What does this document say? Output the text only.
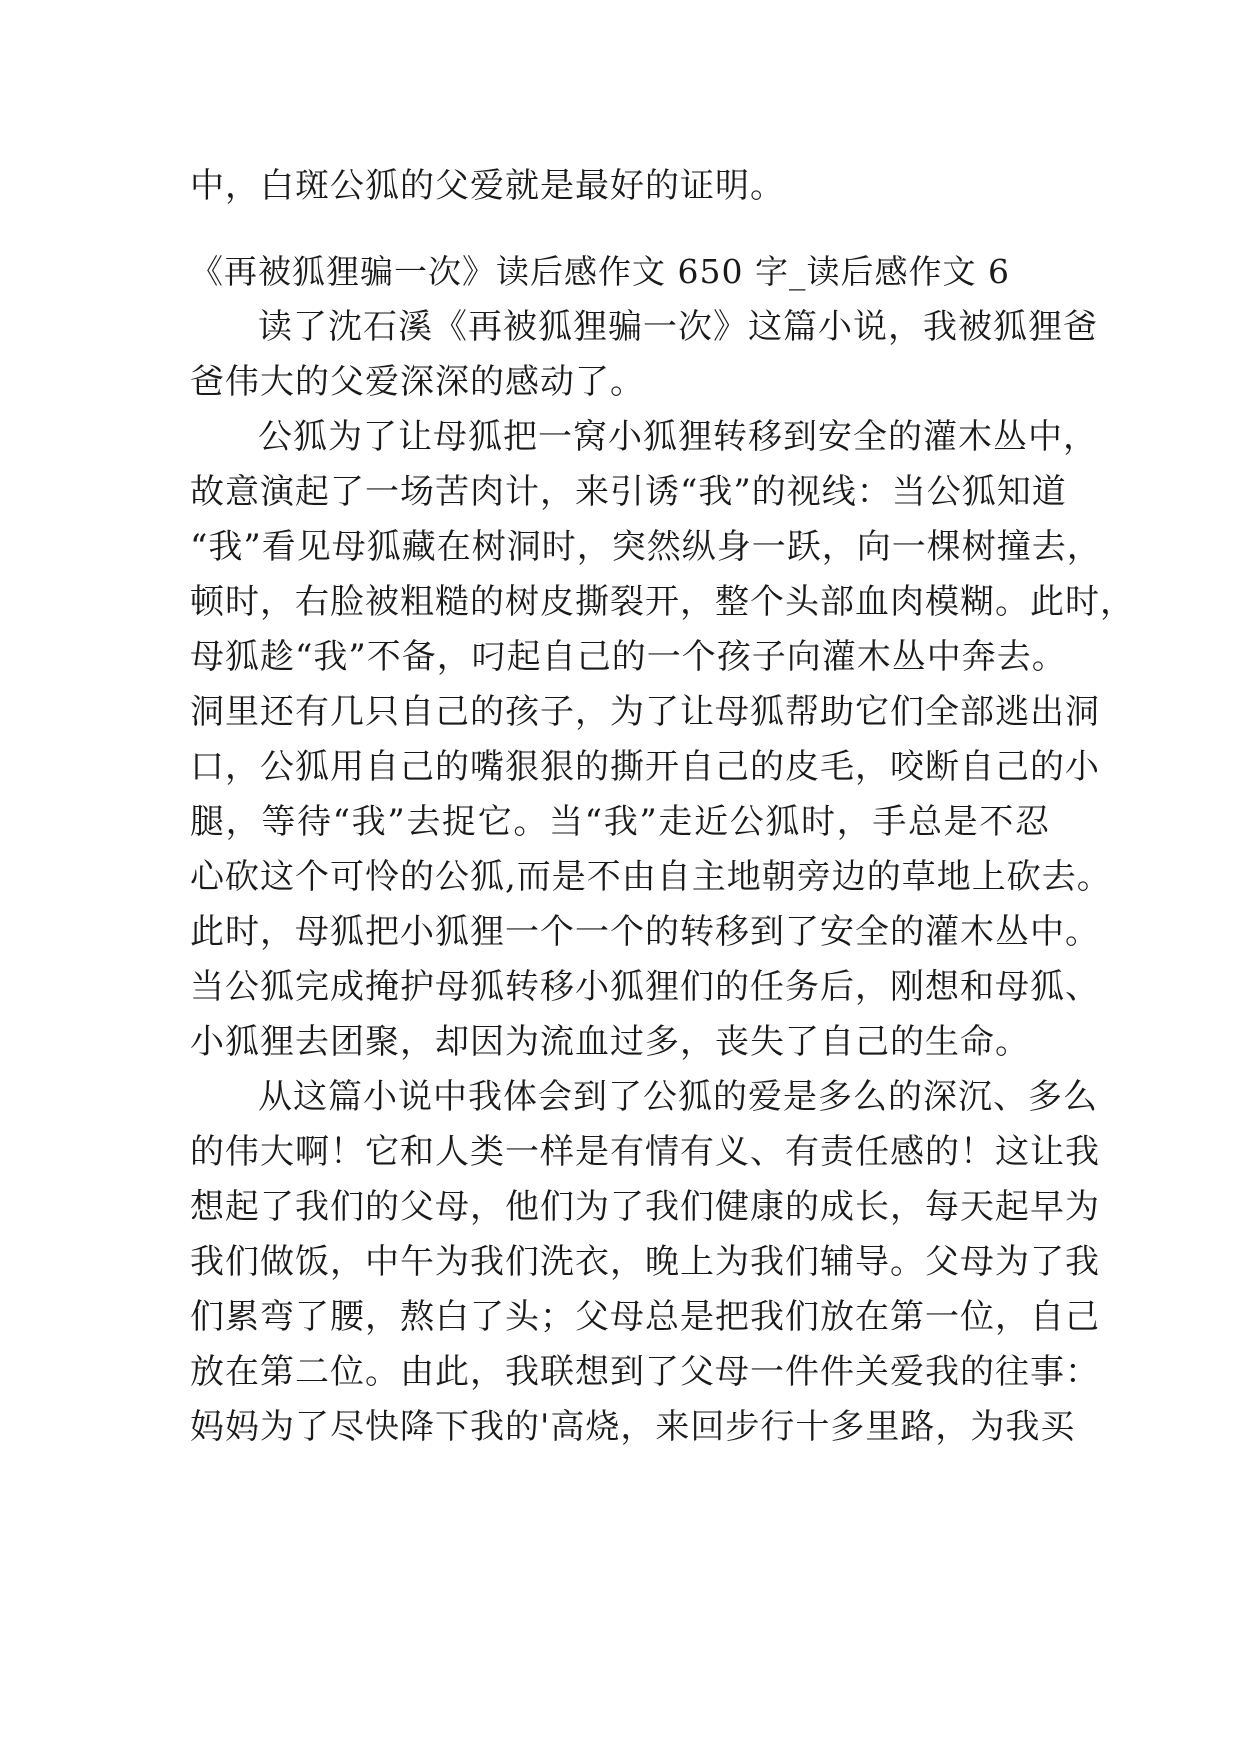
中，白斑公狐的父爱就是最好的证明。
《再被狐狸骗一次》读后感作文 650 字_读后感作文 6
读了沈石溪《再被狐狸骗一次》这篇小说，我被狐狸爸
爸伟大的父爱深深的感动了。
公狐为了让母狐把一窝小狐狸转移到安全的灌木丛中，
故意演起了一场苦肉计，来引诱“我”的视线：当公狐知道
“我”看见母狐藏在树洞时，突然纵身一跃，向一棵树撞去，
顿时，右脸被粗糙的树皮撕裂开，整个头部血肉模糊。此时，
母狐趁“我”不备，叼起自己的一个孩子向灌木丛中奔去。
洞里还有几只自己的孩子，为了让母狐帮助它们全部逃出洞
口，公狐用自己的嘴狠狠的撕开自己的皮毛，咬断自己的小
腿，等待“我”去捉它。当“我”走近公狐时，手总是不忍
心砍这个可怜的公狐,而是不由自主地朝旁边的草地上砍去。
此时，母狐把小狐狸一个一个的转移到了安全的灌木丛中。
当公狐完成掩护母狐转移小狐狸们的任务后，刚想和母狐、
小狐狸去团聚，却因为流血过多，丧失了自己的生命。
从这篇小说中我体会到了公狐的爱是多么的深沉、多么
的伟大啊！它和人类一样是有情有义、有责任感的！这让我
想起了我们的父母，他们为了我们健康的成长，每天起早为
我们做饭，中午为我们洗衣，晚上为我们辅导。父母为了我
们累弯了腰，熬白了头；父母总是把我们放在第一位，自己
放在第二位。由此，我联想到了父母一件件关爱我的往事：
妈妈为了尽快降下我的'高烧，来回步行十多里路，为我买
